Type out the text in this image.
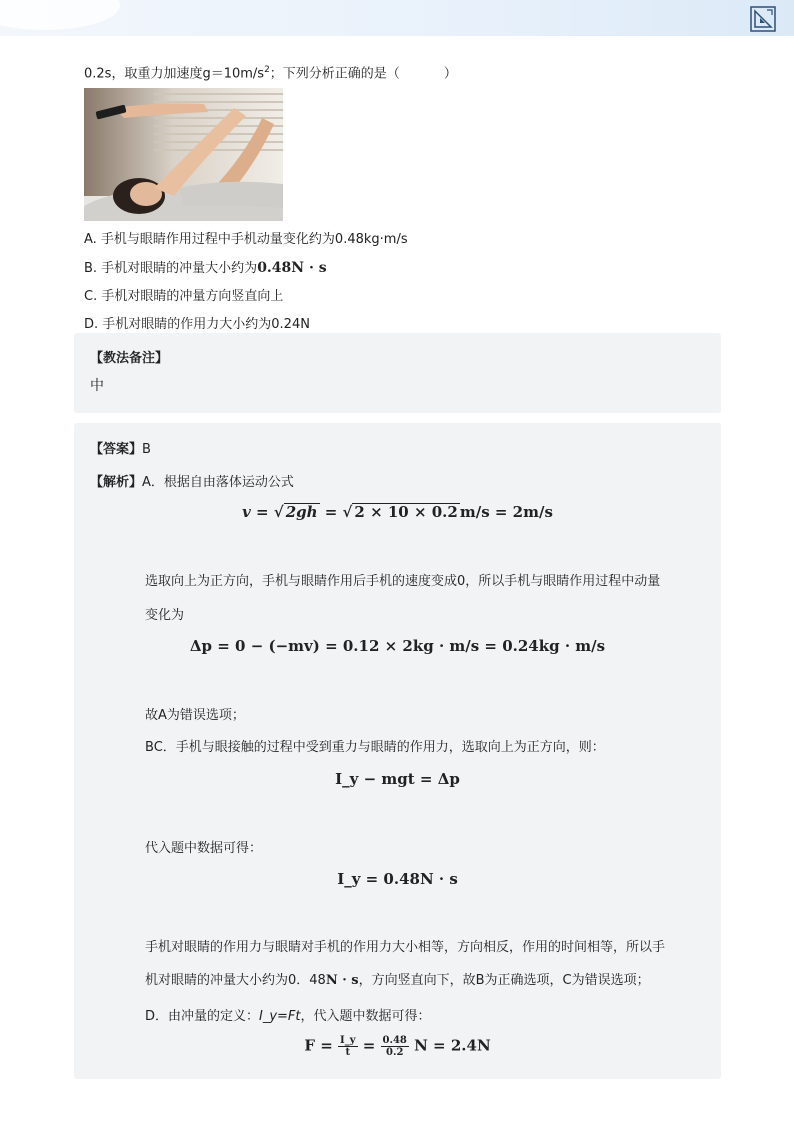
0.2s，取重力加速度$g=10m/s^2$；下列分析正确的是（	）
A. 手机与眼睛作用过程中手机动量变化约为0.48kg·m/s
B. 手机对眼睛的冲量大小约为0.48N · s
C. 手机对眼睛的冲量方向竖直向上
D. 手机对眼睛的作用力大小约为0.24N
【教法备注】
中
【答案】B
【解析】A．根据自由落体运动公式
v = √ 2gh = √ 2 × 10 × 0.2 m/s = 2m/s
选取向上为正方向，手机与眼睛作用后手机的速度变成0，所以手机与眼睛作用过程中动量
变化为
Δp = 0 − (−mv) = 0.12 × 2kg · m/s = 0.24kg · m/s
故A为错误选项；
BC．手机与眼接触的过程中受到重力与眼睛的作用力，选取向上为正方向，则：
I_y − mgt = Δp
代入题中数据可得：
I_y = 0.48N · s
手机对眼睛的作用力与眼睛对手机的作用力大小相等，方向相反，作用的时间相等，所以手
机对眼睛的冲量大小约为0．48N · s，方向竖直向下，故B为正确选项，C为错误选项；
D．由冲量的定义：I_y=Ft，代入题中数据可得：
$F = \frac{I\_y}{t} = \frac{0.48}{0.2}$ N = 2.4N
